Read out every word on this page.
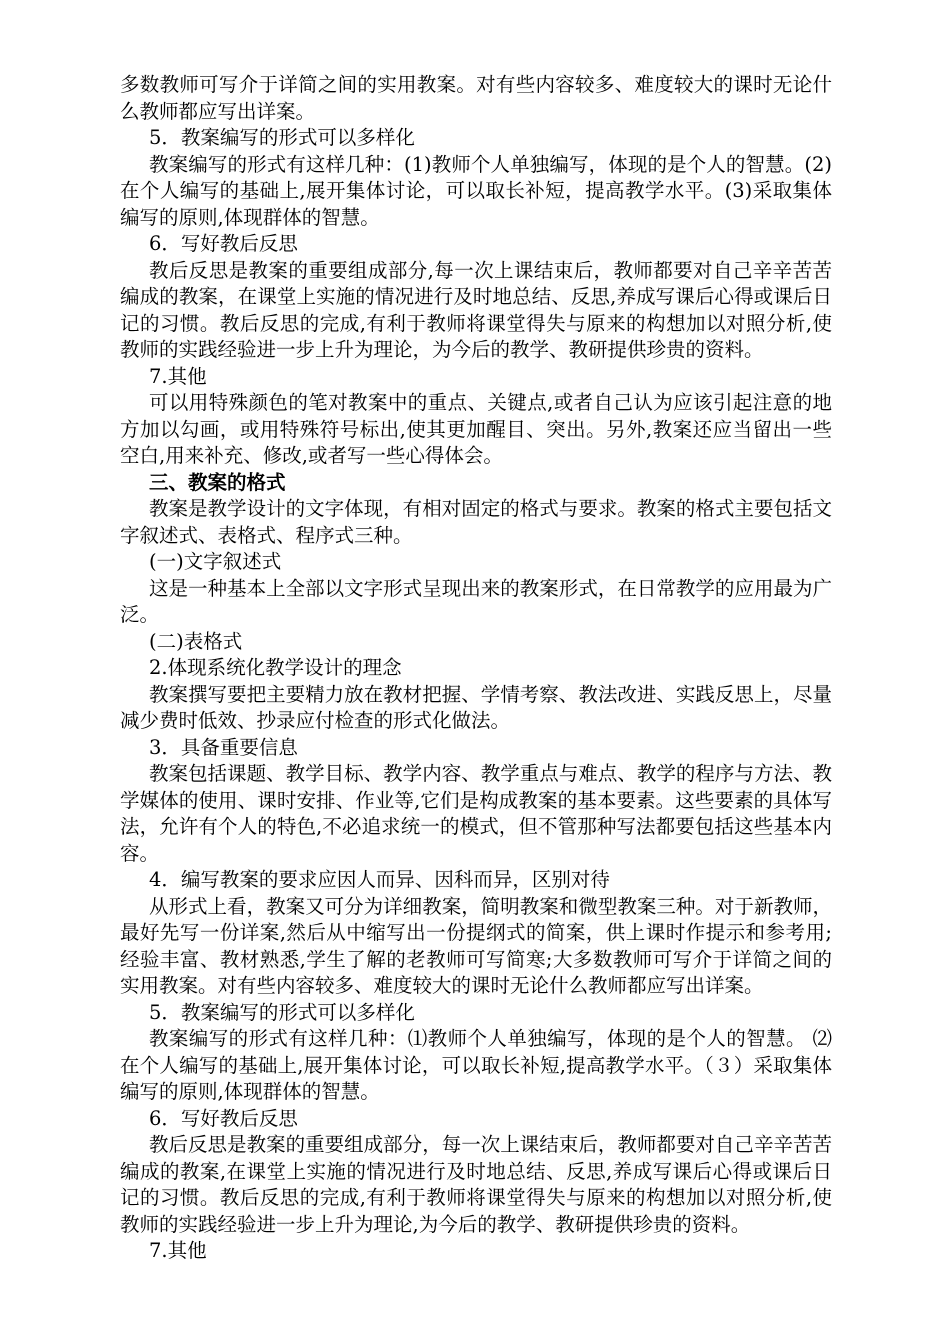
多数教师可写介于详简之间的实用教案。对有些内容较多、难度较大的课时无论什么教师都应写出详案。

5．教案编写的形式可以多样化

教案编写的形式有这样几种：(1)教师个人单独编写，体现的是个人的智慧。(2)在个人编写的基础上,展开集体讨论，可以取长补短，提高教学水平。(3)采取集体编写的原则,体现群体的智慧。

6．写好教后反思

教后反思是教案的重要组成部分,每一次上课结束后，教师都要对自己辛辛苦苦编成的教案，在课堂上实施的情况进行及时地总结、反思,养成写课后心得或课后日记的习惯。教后反思的完成,有利于教师将课堂得失与原来的构想加以对照分析,使教师的实践经验进一步上升为理论，为今后的教学、教研提供珍贵的资料。

7.其他

可以用特殊颜色的笔对教案中的重点、关键点,或者自己认为应该引起注意的地方加以勾画，或用特殊符号标出,使其更加醒目、突出。另外,教案还应当留出一些空白,用来补充、修改,或者写一些心得体会。

三、教案的格式

教案是教学设计的文字体现，有相对固定的格式与要求。教案的格式主要包括文字叙述式、表格式、程序式三种。

(一)文字叙述式

这是一种基本上全部以文字形式呈现出来的教案形式，在日常教学的应用最为广泛。

(二)表格式

2.体现系统化教学设计的理念

教案撰写要把主要精力放在教材把握、学情考察、教法改进、实践反思上，尽量减少费时低效、抄录应付检查的形式化做法。

3．具备重要信息

教案包括课题、教学目标、教学内容、教学重点与难点、教学的程序与方法、教学媒体的使用、课时安排、作业等,它们是构成教案的基本要素。这些要素的具体写法，允许有个人的特色,不必追求统一的模式，但不管那种写法都要包括这些基本内容。

4．编写教案的要求应因人而异、因科而异，区别对待

从形式上看，教案又可分为详细教案，简明教案和微型教案三种。对于新教师，最好先写一份详案,然后从中缩写出一份提纲式的简案，供上课时作提示和参考用;经验丰富、教材熟悉,学生了解的老教师可写简寒;大多数教师可写介于详简之间的实用教案。对有些内容较多、难度较大的课时无论什么教师都应写出详案。

5．教案编写的形式可以多样化

教案编写的形式有这样几种：⑴教师个人单独编写，体现的是个人的智慧。 ⑵在个人编写的基础上,展开集体讨论，可以取长补短,提高教学水平。（３）采取集体编写的原则,体现群体的智慧。

6．写好教后反思

教后反思是教案的重要组成部分，每一次上课结束后，教师都要对自己辛辛苦苦编成的教案,在课堂上实施的情况进行及时地总结、反思,养成写课后心得或课后日记的习惯。教后反思的完成,有利于教师将课堂得失与原来的构想加以对照分析,使教师的实践经验进一步上升为理论,为今后的教学、教研提供珍贵的资料。

7.其他
